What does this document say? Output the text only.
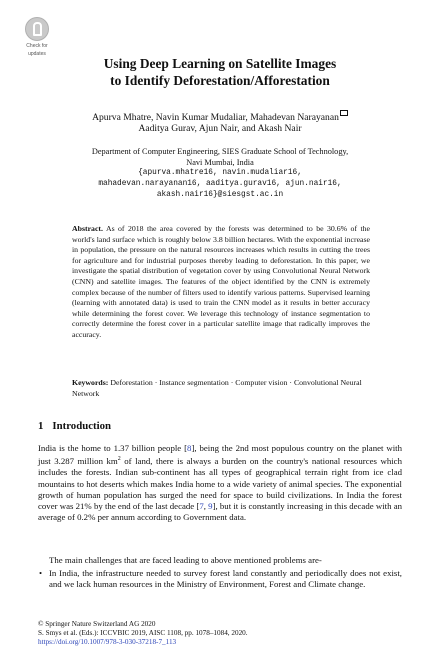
Check for
updates
Using Deep Learning on Satellite Images
to Identify Deforestation/Afforestation
Apurva Mhatre, Navin Kumar Mudaliar, Mahadevan Narayanan
Aaditya Gurav, Ajun Nair, and Akash Nair
Department of Computer Engineering, SIES Graduate School of Technology,
Navi Mumbai, India
{apurva.mhatre16, navin.mudaliar16,
mahadevan.narayanan16, aaditya.gurav16, ajun.nair16,
akash.nair16}@siesgst.ac.in
Abstract. As of 2018 the area covered by the forests was determined to be 30.6% of the world's land surface which is roughly below 3.8 billion hectares. With the exponential increase in population, the pressure on the natural resources increases which results in cutting the trees for agriculture and for industrial purposes thereby leading to deforestation. In this paper, we investigate the spatial distribution of vegetation cover by using Convolutional Neural Network (CNN) and satellite images. The features of the object identified by the CNN is extremely complex because of the number of filters used to identify various patterns. Supervised learning (learning with annotated data) is used to train the CNN model as it results in better accuracy while determining the forest cover. We leverage this technology of instance segmentation to correctly determine the forest cover in a particular satellite image that radically improves the accuracy.
Keywords: Deforestation · Instance segmentation · Computer vision · Convolutional Neural Network
1 Introduction
India is the home to 1.37 billion people [8], being the 2nd most populous country on the planet with just 3.287 million $km^2$ of land, there is always a burden on the country's national resources which includes the forests. Indian sub-continent has all types of geographical terrain right from ice clad mountains to hot deserts which makes India home to a wide variety of animal species. The exponential growth of human population has surged the need for space to build civilizations. In India the forest cover was 21% by the end of the last decade [7, 9], but it is constantly increasing in this decade with an average of 0.2% per annum according to Government data.
The main challenges that are faced leading to above mentioned problems are-
• In India, the infrastructure needed to survey forest land constantly and periodically does not exist, and we lack human resources in the Ministry of Environment, Forest and Climate change.
© Springer Nature Switzerland AG 2020
S. Smys et al. (Eds.): ICCVBIC 2019, AISC 1108, pp. 1078–1084, 2020.
https://doi.org/10.1007/978-3-030-37218-7_113
